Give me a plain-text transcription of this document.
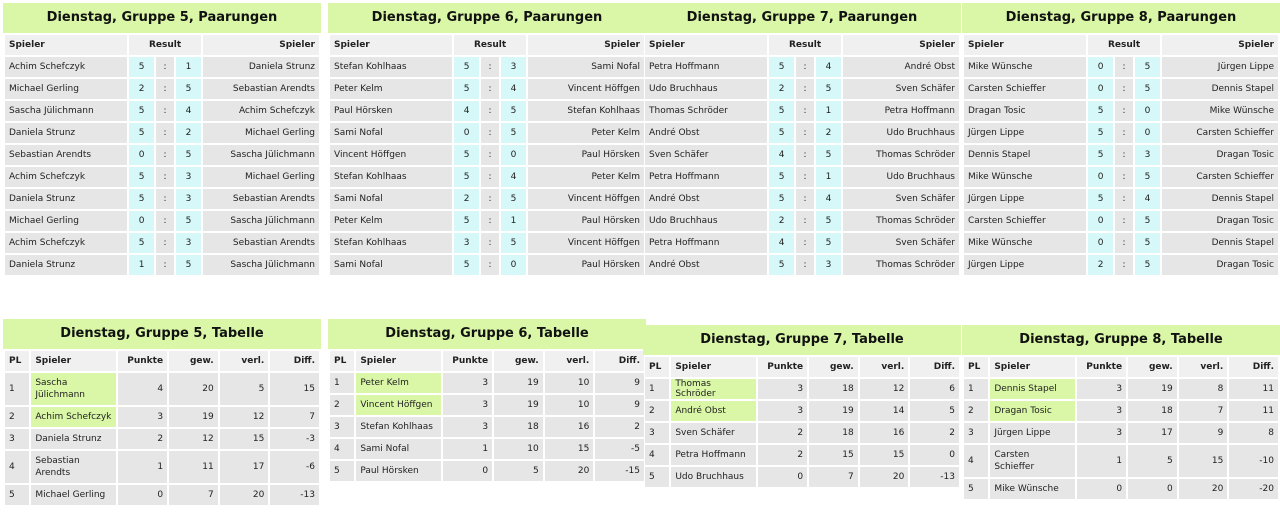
Dienstag, Gruppe 5, Paarungen
Spieler	Result			Spieler
Achim Schefczyk	5	:	1	Daniela Strunz
Michael Gerling	2	:	5	Sebastian Arendts
Sascha Jülichmann	5	:	4	Achim Schefczyk
Daniela Strunz	5	:	2	Michael Gerling
Sebastian Arendts	0	:	5	Sascha Jülichmann
Achim Schefczyk	5	:	3	Michael Gerling
Daniela Strunz	5	:	3	Sebastian Arendts
Michael Gerling	0	:	5	Sascha Jülichmann
Achim Schefczyk	5	:	3	Sebastian Arendts
Daniela Strunz	1	:	5	Sascha Jülichmann
Dienstag, Gruppe 6, Paarungen
Spieler	Result			Spieler
Stefan Kohlhaas	5	:	3	Sami Nofal
Peter Kelm	5	:	4	Vincent Höffgen
Paul Hörsken	4	:	5	Stefan Kohlhaas
Sami Nofal	0	:	5	Peter Kelm
Vincent Höffgen	5	:	0	Paul Hörsken
Stefan Kohlhaas	5	:	4	Peter Kelm
Sami Nofal	2	:	5	Vincent Höffgen
Peter Kelm	5	:	1	Paul Hörsken
Stefan Kohlhaas	3	:	5	Vincent Höffgen
Sami Nofal	5	:	0	Paul Hörsken
Dienstag, Gruppe 7, Paarungen
Spieler	Result			Spieler
Petra Hoffmann	5	:	4	André Obst
Udo Bruchhaus	2	:	5	Sven Schäfer
Thomas Schröder	5	:	1	Petra Hoffmann
André Obst	5	:	2	Udo Bruchhaus
Sven Schäfer	4	:	5	Thomas Schröder
Petra Hoffmann	5	:	1	Udo Bruchhaus
André Obst	5	:	4	Sven Schäfer
Udo Bruchhaus	2	:	5	Thomas Schröder
Petra Hoffmann	4	:	5	Sven Schäfer
André Obst	5	:	3	Thomas Schröder
Dienstag, Gruppe 8, Paarungen
Spieler	Result			Spieler
Mike Wünsche	0	:	5	Jürgen Lippe
Carsten Schieffer	0	:	5	Dennis Stapel
Dragan Tosic	5	:	0	Mike Wünsche
Jürgen Lippe	5	:	0	Carsten Schieffer
Dennis Stapel	5	:	3	Dragan Tosic
Mike Wünsche	0	:	5	Carsten Schieffer
Jürgen Lippe	5	:	4	Dennis Stapel
Carsten Schieffer	0	:	5	Dragan Tosic
Mike Wünsche	0	:	5	Dennis Stapel
Jürgen Lippe	2	:	5	Dragan Tosic
Dienstag, Gruppe 5, Tabelle
PL	Spieler	Punkte	gew.	verl.	Diff.
1	Sascha Jülichmann	4	20	5	15
2	Achim Schefczyk	3	19	12	7
3	Daniela Strunz	2	12	15	-3
4	Sebastian Arendts	1	11	17	-6
5	Michael Gerling	0	7	20	-13
Dienstag, Gruppe 6, Tabelle
PL	Spieler	Punkte	gew.	verl.	Diff.
1	Peter Kelm	3	19	10	9
2	Vincent Höffgen	3	19	10	9
3	Stefan Kohlhaas	3	18	16	2
4	Sami Nofal	1	10	15	-5
5	Paul Hörsken	0	5	20	-15
Dienstag, Gruppe 7, Tabelle
PL	Spieler	Punkte	gew.	verl.	Diff.
1	Thomas Schröder	3	18	12	6
2	André Obst	3	19	14	5
3	Sven Schäfer	2	18	16	2
4	Petra Hoffmann	2	15	15	0
5	Udo Bruchhaus	0	7	20	-13
Dienstag, Gruppe 8, Tabelle
PL	Spieler	Punkte	gew.	verl.	Diff.
1	Dennis Stapel	3	19	8	11
2	Dragan Tosic	3	18	7	11
3	Jürgen Lippe	3	17	9	8
4	Carsten Schieffer	1	5	15	-10
5	Mike Wünsche	0	0	20	-20
